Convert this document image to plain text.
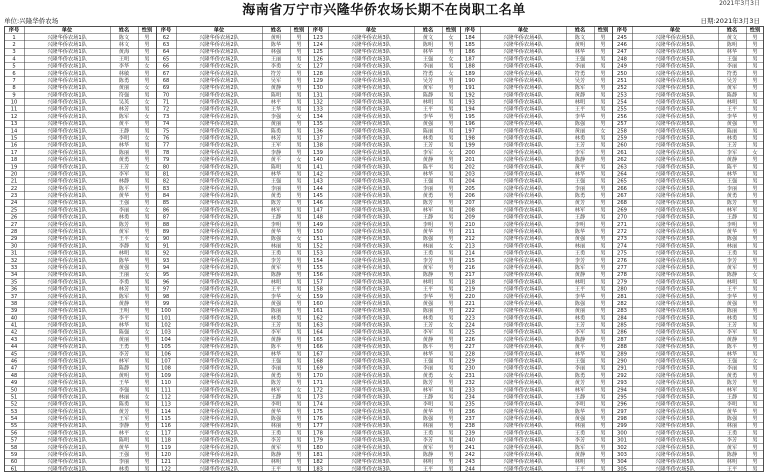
2021年3月3日
海南省万宁市兴隆华侨农场长期不在岗职工名单
单位:兴隆华侨农场	日期:2021年3月3日
序号	单位	姓名 性别
1	兴隆华侨农场1队	陈文	男
2	兴隆华侨农场1队	林文	男
3	兴隆华侨农场1队	黄海	男
4	兴隆华侨农场1队	王明	男
5	兴隆华侨农场1队	李华	女
6	兴隆华侨农场1队	林敏	男
7	兴隆华侨农场1队	陈勇	男
8	兴隆华侨农场1队	黄丽	女
9	兴隆华侨农场1队	符强	男
10	兴隆华侨农场1队	吴英	女
11	兴隆华侨农场1队	林芳	男
12	兴隆华侨农场1队	陈军	女
13	兴隆华侨农场1队	黄平	男
14	兴隆华侨农场1队	王静	男
15	兴隆华侨农场1队	李明	女
16	兴隆华侨农场1队	林华	男
17	兴隆华侨农场1队	陈丽	男
18	兴隆华侨农场1队	黄勇	男
19	兴隆华侨农场1队	王芳	女
20	兴隆华侨农场1队	李军	男
21	兴隆华侨农场1队	林静	男
22	兴隆华侨农场1队	陈平	男
23	兴隆华侨农场1队	黄华	男
24	兴隆华侨农场1队	王强	男
25	兴隆华侨农场1队	李丽	女
26	兴隆华侨农场1队	林勇	男
27	兴隆华侨农场1队	陈芳	男
28	兴隆华侨农场1队	黄军	男
29	兴隆华侨农场1队	王平	女
30	兴隆华侨农场1队	李静	男
31	兴隆华侨农场1队	林明	男
32	兴隆华侨农场1队	陈华	男
33	兴隆华侨农场1队	黄强	男
34	兴隆华侨农场1队	王丽	女
35	兴隆华侨农场1队	李勇	男
36	兴隆华侨农场1队	林芳	男
37	兴隆华侨农场1队	陈军	男
38	兴隆华侨农场1队	黄静	男
39	兴隆华侨农场1队	王明	男
40	兴隆华侨农场1队	李平	男
41	兴隆华侨农场1队	林华	男
42	兴隆华侨农场1队	陈强	女
43	兴隆华侨农场1队	黄丽	男
44	兴隆华侨农场1队	王勇	男
45	兴隆华侨农场1队	李芳	男
46	兴隆华侨农场1队	林军	男
47	兴隆华侨农场1队	陈静	男
48	兴隆华侨农场1队	黄明	男
49	兴隆华侨农场1队	王华	男
50	兴隆华侨农场1队	李强	男
51	兴隆华侨农场1队	林丽	女
52	兴隆华侨农场1队	陈勇	男
53	兴隆华侨农场1队	黄芳	男
54	兴隆华侨农场1队	王军	男
55	兴隆华侨农场1队	李静	男
56	兴隆华侨农场1队	林平	女
57	兴隆华侨农场1队	陈明	男
58	兴隆华侨农场1队	黄华	男
59	兴隆华侨农场1队	王强	男
60	兴隆华侨农场1队	李丽	男
61	兴隆华侨农场1队	林勇	男
序号	单位	姓名 性别
62	兴隆华侨农场2队	黄明	男
63	兴隆华侨农场2队	陈华	男
64	兴隆华侨农场2队	林强	男
65	兴隆华侨农场2队	王丽	男
66	兴隆华侨农场2队	李勇	女
67	兴隆华侨农场2队	符芳	男
68	兴隆华侨农场2队	吴军	男
69	兴隆华侨农场2队	黄静	男
70	兴隆华侨农场2队	陈明	男
71	兴隆华侨农场2队	林平	男
72	兴隆华侨农场2队	王华	男
73	兴隆华侨农场2队	李强	女
74	兴隆华侨农场2队	黄丽	男
75	兴隆华侨农场2队	陈勇	男
76	兴隆华侨农场2队	林芳	男
77	兴隆华侨农场2队	王军	男
78	兴隆华侨农场2队	李静	男
79	兴隆华侨农场2队	黄平	女
80	兴隆华侨农场2队	陈明	男
81	兴隆华侨农场2队	林华	男
82	兴隆华侨农场2队	王强	男
83	兴隆华侨农场2队	李丽	男
84	兴隆华侨农场2队	黄勇	男
85	兴隆华侨农场2队	陈芳	男
86	兴隆华侨农场2队	林军	男
87	兴隆华侨农场2队	王静	男
88	兴隆华侨农场2队	李明	男
89	兴隆华侨农场2队	黄华	男
90	兴隆华侨农场2队	陈强	女
91	兴隆华侨农场2队	林丽	男
92	兴隆华侨农场2队	王勇	男
93	兴隆华侨农场2队	李芳	男
94	兴隆华侨农场2队	黄军	男
95	兴隆华侨农场2队	陈静	男
96	兴隆华侨农场2队	林明	男
97	兴隆华侨农场2队	王平	男
98	兴隆华侨农场2队	李华	女
99	兴隆华侨农场2队	黄强	男
100	兴隆华侨农场2队	陈丽	男
101	兴隆华侨农场2队	林勇	男
102	兴隆华侨农场2队	王芳	男
103	兴隆华侨农场2队	李军	男
104	兴隆华侨农场2队	黄静	男
105	兴隆华侨农场2队	陈平	男
106	兴隆华侨农场2队	林华	男
107	兴隆华侨农场2队	王强	男
108	兴隆华侨农场2队	李丽	男
109	兴隆华侨农场2队	黄勇	男
110	兴隆华侨农场2队	陈芳	男
111	兴隆华侨农场2队	林军	女
112	兴隆华侨农场2队	王静	男
113	兴隆华侨农场2队	李明	男
114	兴隆华侨农场2队	黄华	男
115	兴隆华侨农场2队	陈强	男
116	兴隆华侨农场2队	林丽	男
117	兴隆华侨农场2队	王勇	男
118	兴隆华侨农场2队	李芳	男
119	兴隆华侨农场2队	黄军	男
120	兴隆华侨农场2队	陈静	男
121	兴隆华侨农场2队	林明	男
122	兴隆华侨农场2队	王平	男
序号	单位	姓名 性别
123	兴隆华侨农场3队	黄文	女
124	兴隆华侨农场3队	陈明	男
125	兴隆华侨农场3队	林华	男
126	兴隆华侨农场3队	王强	女
127	兴隆华侨农场3队	李丽	男
128	兴隆华侨农场3队	符勇	女
129	兴隆华侨农场3队	吴芳	男
130	兴隆华侨农场3队	黄军	男
131	兴隆华侨农场3队	陈静	男
132	兴隆华侨农场3队	林明	男
133	兴隆华侨农场3队	王平	男
134	兴隆华侨农场3队	李华	男
135	兴隆华侨农场3队	黄强	男
136	兴隆华侨农场3队	陈丽	男
137	兴隆华侨农场3队	林勇	男
138	兴隆华侨农场3队	王芳	男
139	兴隆华侨农场3队	李军	女
140	兴隆华侨农场3队	黄静	男
141	兴隆华侨农场3队	陈平	男
142	兴隆华侨农场3队	林华	男
143	兴隆华侨农场3队	王强	男
144	兴隆华侨农场3队	李丽	男
145	兴隆华侨农场3队	黄勇	男
146	兴隆华侨农场3队	陈芳	男
147	兴隆华侨农场3队	林军	男
148	兴隆华侨农场3队	王静	男
149	兴隆华侨农场3队	李明	男
150	兴隆华侨农场3队	黄华	男
151	兴隆华侨农场3队	陈强	男
152	兴隆华侨农场3队	林丽	女
153	兴隆华侨农场3队	王勇	男
154	兴隆华侨农场3队	李芳	男
155	兴隆华侨农场3队	黄军	男
156	兴隆华侨农场3队	陈静	男
157	兴隆华侨农场3队	林明	男
158	兴隆华侨农场3队	王平	男
159	兴隆华侨农场3队	李华	男
160	兴隆华侨农场3队	黄强	男
161	兴隆华侨农场3队	陈丽	男
162	兴隆华侨农场3队	林勇	男
163	兴隆华侨农场3队	王芳	女
164	兴隆华侨农场3队	李军	男
165	兴隆华侨农场3队	黄静	男
166	兴隆华侨农场3队	陈平	男
167	兴隆华侨农场3队	林华	男
168	兴隆华侨农场3队	王强	男
169	兴隆华侨农场3队	李丽	男
170	兴隆华侨农场3队	黄勇	女
171	兴隆华侨农场3队	陈芳	男
172	兴隆华侨农场3队	林军	男
173	兴隆华侨农场3队	王静	男
174	兴隆华侨农场3队	李明	男
175	兴隆华侨农场3队	黄华	男
176	兴隆华侨农场3队	陈强	男
177	兴隆华侨农场3队	林丽	男
178	兴隆华侨农场3队	王勇	男
179	兴隆华侨农场3队	李芳	男
180	兴隆华侨农场3队	黄军	男
181	兴隆华侨农场3队	陈静	男
182	兴隆华侨农场3队	林明	男
183	兴隆华侨农场3队	王平	男
序号	单位	姓名 性别
184	兴隆华侨农场4队	陈文	男
185	兴隆华侨农场4队	黄明	男
186	兴隆华侨农场4队	林华	男
187	兴隆华侨农场4队	王强	男
188	兴隆华侨农场4队	李丽	男
189	兴隆华侨农场4队	符勇	男
190	兴隆华侨农场4队	吴芳	男
191	兴隆华侨农场4队	陈军	男
192	兴隆华侨农场4队	黄静	男
193	兴隆华侨农场4队	林明	男
194	兴隆华侨农场4队	王平	男
195	兴隆华侨农场4队	李华	男
196	兴隆华侨农场4队	陈强	男
197	兴隆华侨农场4队	黄丽	女
198	兴隆华侨农场4队	林勇	男
199	兴隆华侨农场4队	王芳	男
200	兴隆华侨农场4队	李军	男
201	兴隆华侨农场4队	陈静	男
202	兴隆华侨农场4队	黄平	男
203	兴隆华侨农场4队	林华	男
204	兴隆华侨农场4队	王强	男
205	兴隆华侨农场4队	李丽	男
206	兴隆华侨农场4队	陈勇	男
207	兴隆华侨农场4队	黄芳	男
208	兴隆华侨农场4队	林军	男
209	兴隆华侨农场4队	王静	男
210	兴隆华侨农场4队	李明	男
211	兴隆华侨农场4队	陈华	男
212	兴隆华侨农场4队	黄强	男
213	兴隆华侨农场4队	林丽	男
214	兴隆华侨农场4队	王勇	男
215	兴隆华侨农场4队	李芳	男
216	兴隆华侨农场4队	陈军	男
217	兴隆华侨农场4队	黄静	男
218	兴隆华侨农场4队	林明	男
219	兴隆华侨农场4队	王平	男
220	兴隆华侨农场4队	李华	男
221	兴隆华侨农场4队	陈强	男
222	兴隆华侨农场4队	黄丽	男
223	兴隆华侨农场4队	林勇	男
224	兴隆华侨农场4队	王芳	男
225	兴隆华侨农场4队	李军	男
226	兴隆华侨农场4队	陈静	男
227	兴隆华侨农场4队	黄平	男
228	兴隆华侨农场4队	林华	男
229	兴隆华侨农场4队	王强	男
230	兴隆华侨农场4队	李丽	男
231	兴隆华侨农场4队	陈勇	男
232	兴隆华侨农场4队	黄芳	男
233	兴隆华侨农场4队	林军	男
234	兴隆华侨农场4队	王静	男
235	兴隆华侨农场4队	李明	男
236	兴隆华侨农场4队	陈华	男
237	兴隆华侨农场4队	黄强	男
238	兴隆华侨农场4队	林丽	男
239	兴隆华侨农场4队	王勇	男
240	兴隆华侨农场4队	李芳	男
241	兴隆华侨农场4队	陈军	男
242	兴隆华侨农场4队	黄静	男
243	兴隆华侨农场4队	林明	男
244	兴隆华侨农场4队	王平	男
序号	单位	姓名 性别
245	兴隆华侨农场5队	黄文	男
246	兴隆华侨农场5队	陈明	男
247	兴隆华侨农场5队	林华	男
248	兴隆华侨农场5队	王强	男
249	兴隆华侨农场5队	李丽	男
250	兴隆华侨农场5队	符勇	男
251	兴隆华侨农场5队	吴芳	男
252	兴隆华侨农场5队	黄军	男
253	兴隆华侨农场5队	陈静	男
254	兴隆华侨农场5队	林明	男
255	兴隆华侨农场5队	王平	男
256	兴隆华侨农场5队	李华	男
257	兴隆华侨农场5队	黄强	男
258	兴隆华侨农场5队	陈丽	男
259	兴隆华侨农场5队	林勇	男
260	兴隆华侨农场5队	王芳	男
261	兴隆华侨农场5队	李军	女
262	兴隆华侨农场5队	黄静	男
263	兴隆华侨农场5队	陈平	男
264	兴隆华侨农场5队	林华	男
265	兴隆华侨农场5队	王强	男
266	兴隆华侨农场5队	李丽	男
267	兴隆华侨农场5队	黄勇	男
268	兴隆华侨农场5队	陈芳	男
269	兴隆华侨农场5队	林军	男
270	兴隆华侨农场5队	王静	男
271	兴隆华侨农场5队	李明	男
272	兴隆华侨农场5队	黄华	男
273	兴隆华侨农场5队	陈强	男
274	兴隆华侨农场5队	林丽	男
275	兴隆华侨农场5队	王勇	男
276	兴隆华侨农场5队	李芳	男
277	兴隆华侨农场5队	黄军	男
278	兴隆华侨农场5队	陈静	女
279	兴隆华侨农场5队	林明	男
280	兴隆华侨农场5队	王平	男
281	兴隆华侨农场5队	李华	男
282	兴隆华侨农场5队	黄强	男
283	兴隆华侨农场5队	陈丽	男
284	兴隆华侨农场5队	林勇	男
285	兴隆华侨农场5队	王芳	男
286	兴隆华侨农场5队	李军	男
287	兴隆华侨农场5队	黄静	男
288	兴隆华侨农场5队	陈平	男
289	兴隆华侨农场5队	林华	男
290	兴隆华侨农场5队	王强	女
291	兴隆华侨农场5队	李丽	男
292	兴隆华侨农场5队	黄勇	男
293	兴隆华侨农场5队	陈芳	男
294	兴隆华侨农场5队	林军	男
295	兴隆华侨农场5队	王静	男
296	兴隆华侨农场5队	李明	男
297	兴隆华侨农场5队	黄华	男
298	兴隆华侨农场5队	陈强	男
299	兴隆华侨农场5队	林丽	男
300	兴隆华侨农场5队	王勇	男
301	兴隆华侨农场5队	李芳	男
302	兴隆华侨农场5队	黄军	男
303	兴隆华侨农场5队	陈静	男
304	兴隆华侨农场5队	林明	男
305	兴隆华侨农场5队	王平	男
